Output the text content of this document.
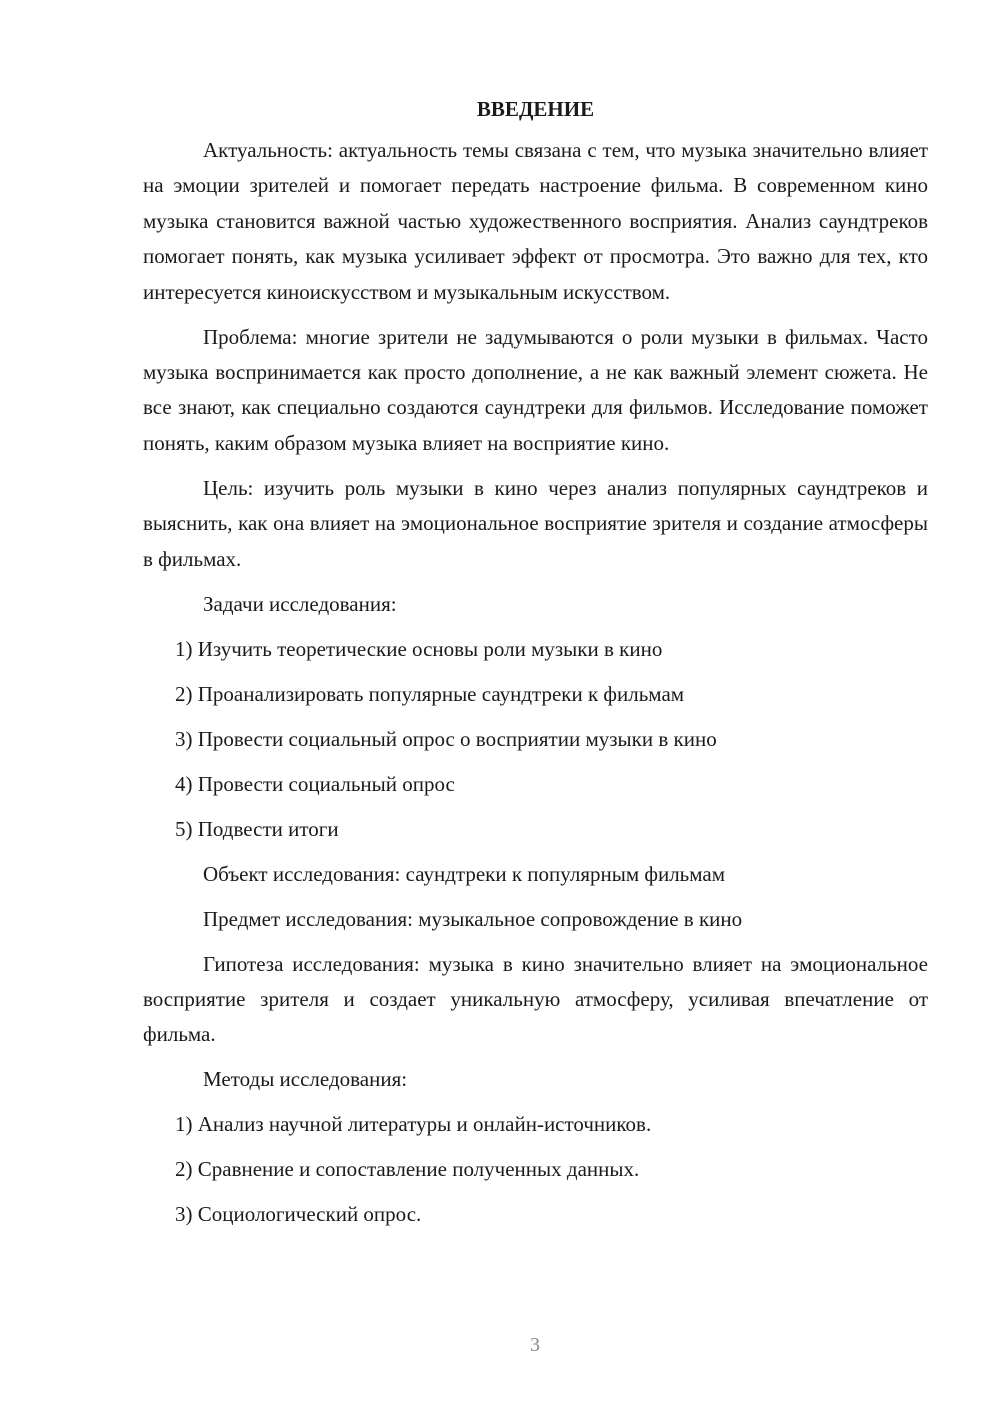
ВВЕДЕНИЕ

Актуальность: актуальность темы связана с тем, что музыка значительно влияет на эмоции зрителей и помогает передать настроение фильма. В современном кино музыка становится важной частью художественного восприятия. Анализ саундтреков помогает понять, как музыка усиливает эффект от просмотра. Это важно для тех, кто интересуется киноискусством и музыкальным искусством.

Проблема: многие зрители не задумываются о роли музыки в фильмах. Часто музыка воспринимается как просто дополнение, а не как важный элемент сюжета. Не все знают, как специально создаются саундтреки для фильмов. Исследование поможет понять, каким образом музыка влияет на восприятие кино.

Цель: изучить роль музыки в кино через анализ популярных саундтреков и выяснить, как она влияет на эмоциональное восприятие зрителя и создание атмосферы в фильмах.

Задачи исследования:
1) Изучить теоретические основы роли музыки в кино
2) Проанализировать популярные саундтреки к фильмам
3) Провести социальный опрос о восприятии музыки в кино
4) Провести социальный опрос
5) Подвести итоги
Объект исследования: саундтреки к популярным фильмам
Предмет исследования: музыкальное сопровождение в кино

Гипотеза исследования: музыка в кино значительно влияет на эмоциональное восприятие зрителя и создает уникальную атмосферу, усиливая впечатление от фильма.

Методы исследования:
1) Анализ научной литературы и онлайн-источников.
2) Сравнение и сопоставление полученных данных.
3) Социологический опрос.
3
